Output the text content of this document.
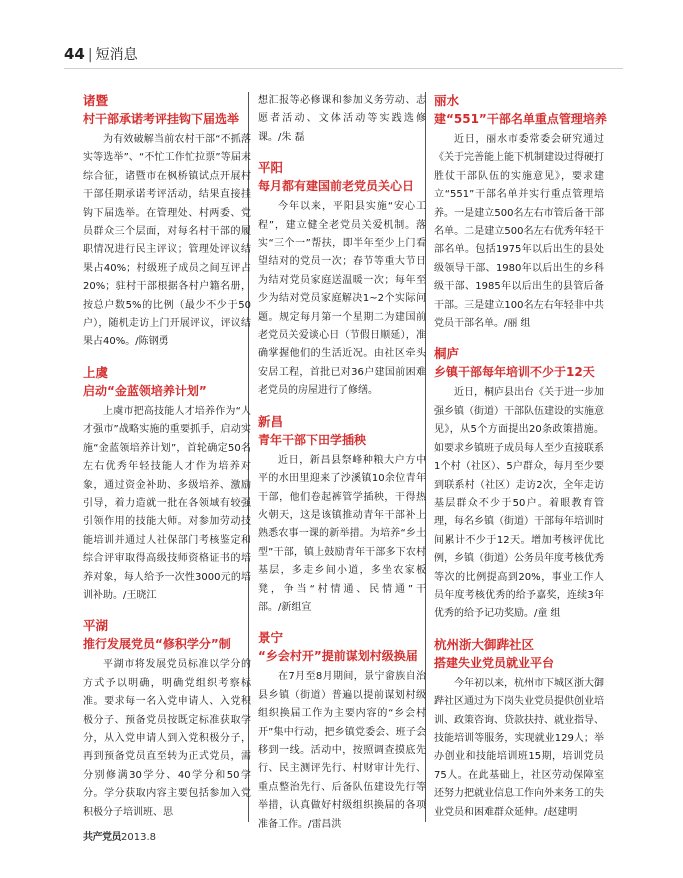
44 | 短消息

诸暨

村干部承诺考评挂钩下届选举

为有效破解当前农村干部“不抓落实等选举”、“不忙工作忙拉票”等届末综合征，诸暨市在枫桥镇试点开展村干部任期承诺考评活动，结果直接挂钩下届选举。在管理处、村两委、党员群众三个层面，对每名村干部的履职情况进行民主评议；管理处评议结果占40%；村级班子成员之间互评占20%；驻村干部根据各村户籍名册，按总户数5%的比例（最少不少于50户），随机走访上门开展评议，评议结果占40%。/陈钢勇

上虞

启动“金蓝领培养计划”

上虞市把高技能人才培养作为“人才强市”战略实施的重要抓手，启动实施“金蓝领培养计划”，首轮确定50名左右优秀年轻技能人才作为培养对象，通过资金补助、多级培养、激励引导，着力造就一批在各领域有较强引领作用的技能大师。对参加劳动技能培训并通过人社保部门考核鉴定和综合评审取得高级技师资格证书的培养对象，每人给予一次性3000元的培训补助。/王晓江

平湖

推行发展党员“修积学分”制

平湖市将发展党员标准以学分的方式予以明确，明确党组织考察标准。要求每一名入党申请人、入党积极分子、预备党员按既定标准获取学分，从入党申请人到入党积极分子，再到预备党员直至转为正式党员，需分别修满30学分、40学分和50学分。学分获取内容主要包括参加入党积极分子培训班、思

想汇报等必修课和参加义务劳动、志愿者活动、文体活动等实践选修课。/朱 磊

平阳

每月都有建国前老党员关心日

今年以来，平阳县实施“安心工程”，建立健全老党员关爱机制。落实“三个一”帮扶，即半年至少上门看望结对的党员一次；春节等重大节日为结对党员家庭送温暖一次；每年至少为结对党员家庭解决1~2个实际问题。规定每月第一个星期二为建国前老党员关爱谈心日（节假日顺延），准确掌握他们的生活近况。由社区牵头安居工程，首批已对36户建国前困难老党员的房屋进行了修缮。

新昌

青年干部下田学插秧

近日，新昌县祭峰种粮大户方中平的水田里迎来了沙溪镇10余位青年干部，他们卷起裤管学插秧，干得热火朝天，这是该镇推动青年干部补上熟悉农事一课的新举措。为培养“乡土型”干部，镇上鼓励青年干部多下农村基层，多走乡间小道，多坐农家板凳，争当“村情通、民情通”干部。/新组宣

景宁

“乡会村开”提前谋划村级换届

在7月至8月期间，景宁畲族自治县乡镇（街道）普遍以提前谋划村级组织换届工作为主要内容的“乡会村开”集中行动，把乡镇党委会、班子会移到一线。活动中，按照调查摸底先行、民主测评先行、村财审计先行、重点整治先行、后备队伍建设先行等举措，认真做好村级组织换届的各项准备工作。/雷昌洪

丽水

建“551”干部名单重点管理培养

近日，丽水市委常委会研究通过《关于完善能上能下机制建设过得硬打胜仗干部队伍的实施意见》，要求建立“551”干部名单并实行重点管理培养。一是建立500名左右市管后备干部名单。二是建立500名左右优秀年轻干部名单。包括1975年以后出生的县处级领导干部、1980年以后出生的乡科级干部、1985年以后出生的县管后备干部。三是建立100名左右年轻非中共党员干部名单。/丽 组

桐庐

乡镇干部每年培训不少于12天

近日，桐庐县出台《关于进一步加强乡镇（街道）干部队伍建设的实施意见》，从5个方面提出20条政策措施。如要求乡镇班子成员每人至少直接联系1个村（社区）、5户群众，每月至少要到联系村（社区）走访2次，全年走访基层群众不少于50户。着眼教育管理，每名乡镇（街道）干部每年培训时间累计不少于12天。增加考核评优比例，乡镇（街道）公务员年度考核优秀等次的比例提高到20%，事业工作人员年度考核优秀的给予嘉奖，连续3年优秀的给予记功奖励。/童 组

杭州浙大御跸社区

搭建失业党员就业平台

今年初以来，杭州市下城区浙大御跸社区通过为下岗失业党员提供创业培训、政策咨询、贷款扶持、就业指导、技能培训等服务，实现就业129人；举办创业和技能培训班15期，培训党员75人。在此基础上，社区劳动保障室还努力把就业信息工作向外来务工的失业党员和困难群众延伸。/赵建明

共产党员2013.8
